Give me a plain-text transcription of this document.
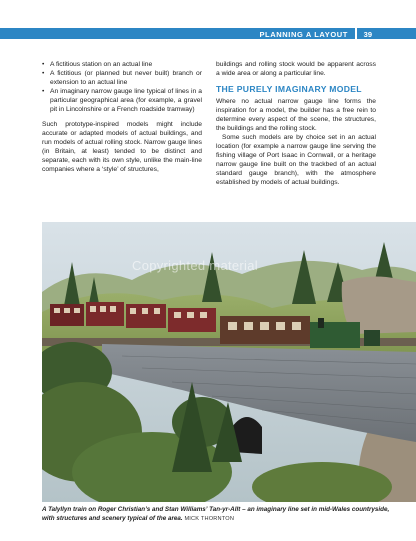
PLANNING A LAYOUT 39
• A fictitious station on an actual line
• A fictitious (or planned but never built) branch or extension to an actual line
• An imaginary narrow gauge line typical of lines in a particular geographical area (for example, a gravel pit in Lincolnshire or a French roadside tramway)

Such prototype-inspired models might include accurate or adapted models of actual buildings, and run models of actual rolling stock. Narrow gauge lines (in Britain, at least) tended to be distinct and separate, each with its own style, unlike the main-line companies where a ‘style’ of structures,

buildings and rolling stock would be apparent across a wide area or along a particular line.

THE PURELY IMAGINARY MODEL

Where no actual narrow gauge line forms the inspiration for a model, the builder has a free rein to determine every aspect of the scene, the structures, the buildings and the rolling stock.

Some such models are by choice set in an actual location (for example a narrow gauge line serving the fishing village of Port Isaac in Cornwall, or a heritage narrow gauge line built on the trackbed of an actual standard gauge branch), with the atmosphere established by models of actual buildings.

Copyrighted material
A Talyllyn train on Roger Christian’s and Stan Williams’ Tan-yr-Allt – an imaginary line set in mid-Wales countryside, with structures and scenery typical of the area. MICK THORNTON
